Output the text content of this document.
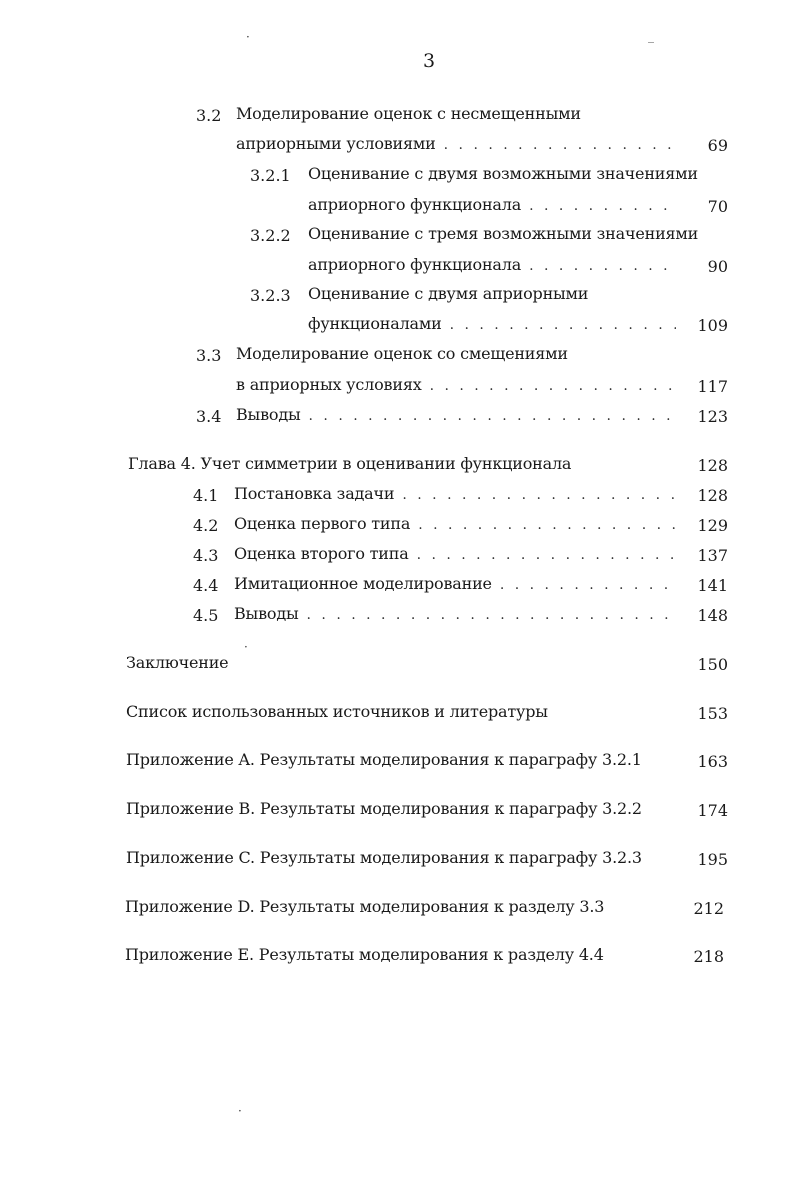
3
3.2 Моделирование оценок с несмещенными
априорными условиями . . .	69
3.2.1 Оценивание с двумя возможными значениями
априорного функционала . . .	70
3.2.2 Оценивание с тремя возможными значениями
априорного функционала . . .	90
3.2.3 Оценивание с двумя априорными
функционалами . . .	109
3.3 Моделирование оценок со смещениями
в априорных условиях . . .	117
3.4 Выводы . . .	123
Глава 4. Учет симметрии в оценивании функционала	128
4.1 Постановка задачи . . .	128
4.2 Оценка первого типа . . .	129
4.3 Оценка второго типа . . .	137
4.4 Имитационное моделирование . . .	141
4.5 Выводы . . .	148
Заключение	150
Список использованных источников и литературы	153
Приложение A. Результаты моделирования к параграфу 3.2.1	163
Приложение B. Результаты моделирования к параграфу 3.2.2	174
Приложение C. Результаты моделирования к параграфу 3.2.3	195
Приложение D. Результаты моделирования к разделу 3.3	212
Приложение E. Результаты моделирования к разделу 4.4	218
·
‾
·
·
